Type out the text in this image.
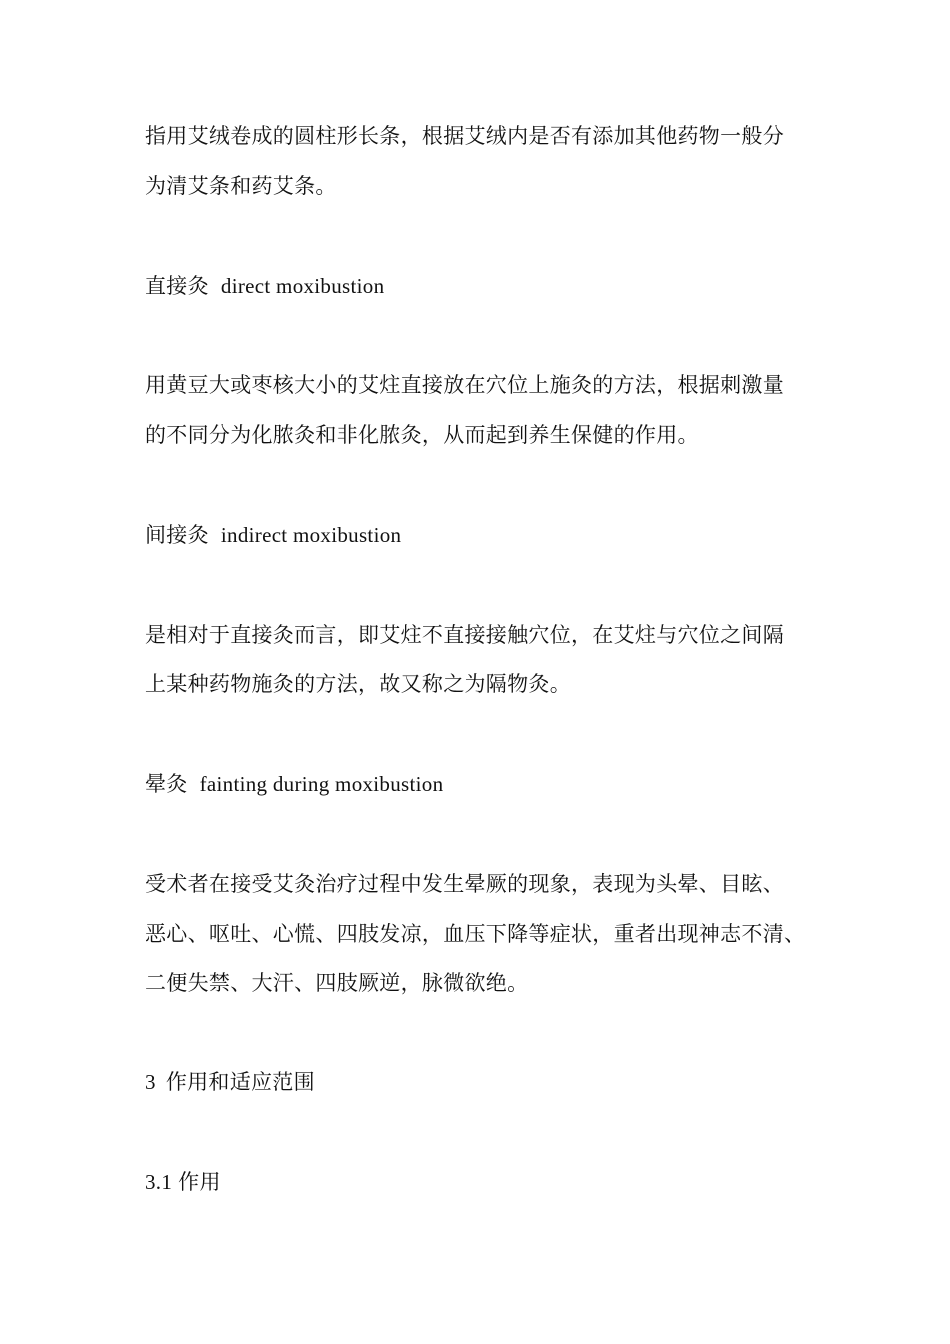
指用艾绒卷成的圆柱形长条，根据艾绒内是否有添加其他药物一般分
为清艾条和药艾条。
直接灸 direct moxibustion
用黄豆大或枣核大小的艾炷直接放在穴位上施灸的方法，根据刺激量
的不同分为化脓灸和非化脓灸，从而起到养生保健的作用。
间接灸 indirect moxibustion
是相对于直接灸而言，即艾炷不直接接触穴位，在艾炷与穴位之间隔
上某种药物施灸的方法，故又称之为隔物灸。
晕灸 fainting during moxibustion
受术者在接受艾灸治疗过程中发生晕厥的现象，表现为头晕、目眩、
恶心、呕吐、心慌、四肢发凉，血压下降等症状，重者出现神志不清、
二便失禁、大汗、四肢厥逆，脉微欲绝。
3 作用和适应范围
3.1 作用
